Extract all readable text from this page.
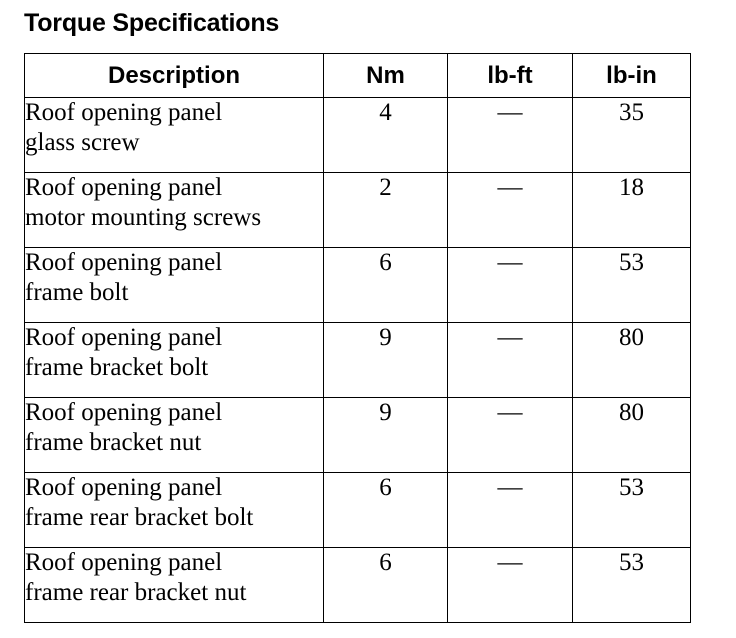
Torque Specifications
Description	Nm	lb-ft	lb-in

Roof opening panel
glass screw	4	—	35

Roof opening panel
motor mounting screws	2	—	18

Roof opening panel
frame bolt	6	—	53

Roof opening panel
frame bracket bolt	9	—	80

Roof opening panel
frame bracket nut	9	—	80

Roof opening panel
frame rear bracket bolt	6	—	53

Roof opening panel
frame rear bracket nut	6	—	53
